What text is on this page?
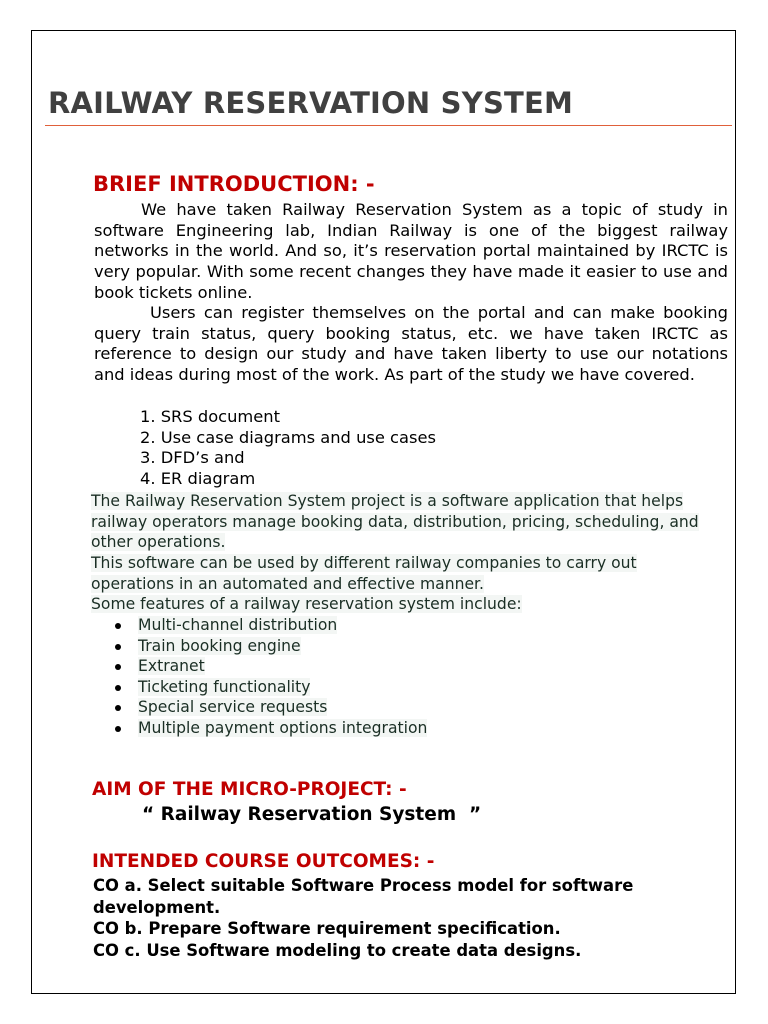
RAILWAY RESERVATION SYSTEM
BRIEF INTRODUCTION: -

We have taken Railway Reservation System as a topic of study in software Engineering lab, Indian Railway is one of the biggest railway networks in the world. And so, it’s reservation portal maintained by IRCTC is very popular. With some recent changes they have made it easier to use and book tickets online.

Users can register themselves on the portal and can make booking query train status, query booking status, etc. we have taken IRCTC as reference to design our study and have taken liberty to use our notations and ideas during most of the work. As part of the study we have covered.

1. SRS document
2. Use case diagrams and use cases
3. DFD’s and
4. ER diagram

The Railway Reservation System project is a software application that helps railway operators manage booking data, distribution, pricing, scheduling, and other operations.

This software can be used by different railway companies to carry out operations in an automated and effective manner.

Some features of a railway reservation system include:

Multi-channel distribution
Train booking engine
Extranet
Ticketing functionality
Special service requests
Multiple payment options integration
AIM OF THE MICRO-PROJECT: -

“ Railway Reservation System  ”

INTENDED COURSE OUTCOMES: -
CO a. Select suitable Software Process model for software development.
CO b. Prepare Software requirement specification.
CO c. Use Software modeling to create data designs.
